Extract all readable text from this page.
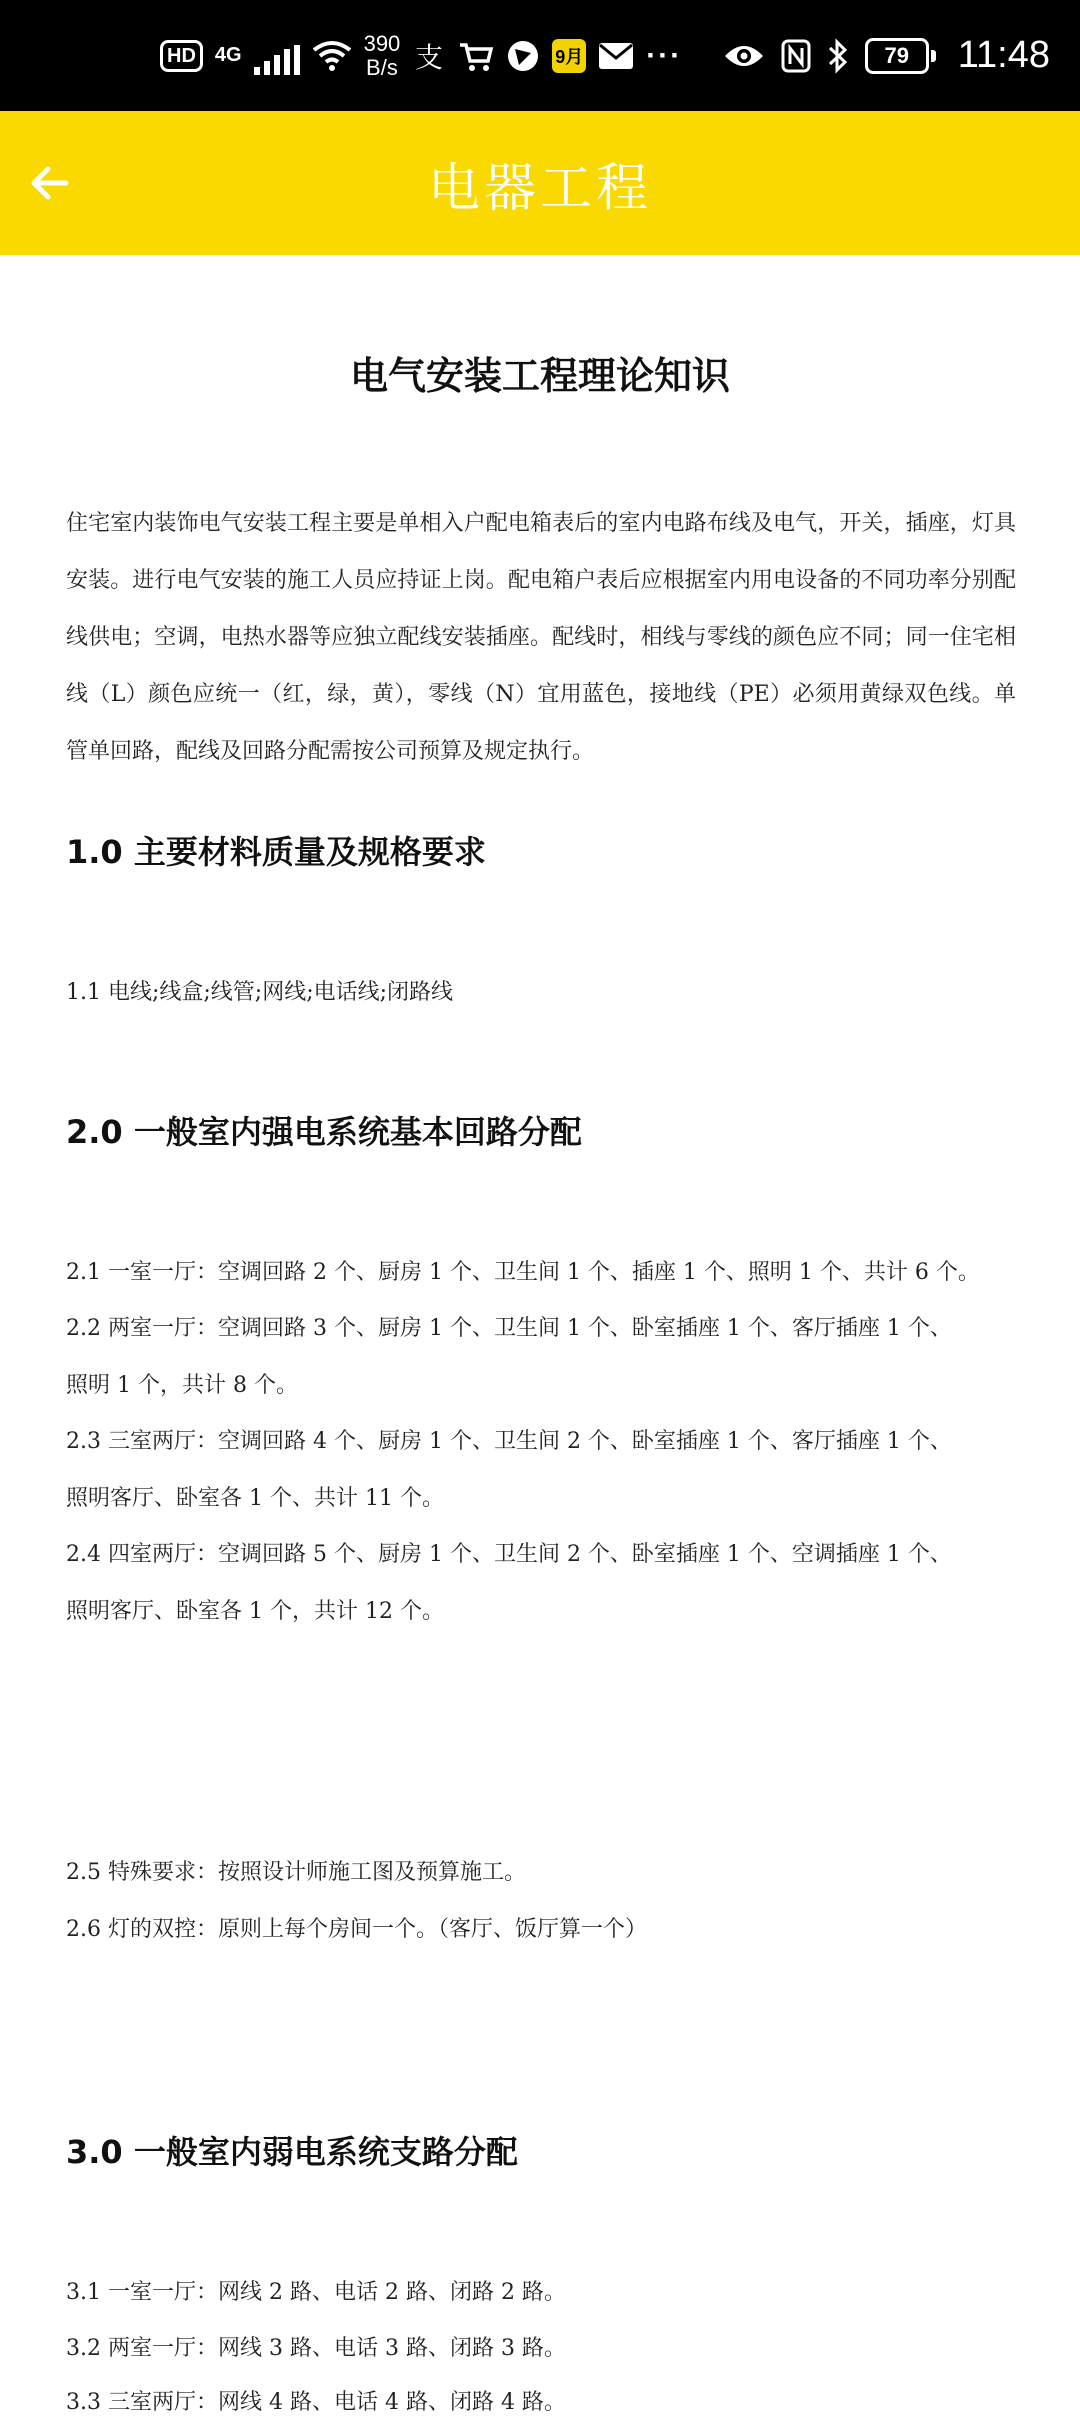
HD 4G	390
B/s 支	9月 ···	79	11:48
电器工程
电气安装工程理论知识

住宅室内装饰电气安装工程主要是单相入户配电箱表后的室内电路布线及电气，开关，插座，灯具安装。进行电气安装的施工人员应持证上岗。配电箱户表后应根据室内用电设备的不同功率分别配线供电；空调，电热水器等应独立配线安装插座。配线时，相线与零线的颜色应不同；同一住宅相线（L）颜色应统一（红，绿，黄），零线（N）宜用蓝色，接地线（PE）必须用黄绿双色线。单管单回路，配线及回路分配需按公司预算及规定执行。

1.0 主要材料质量及规格要求

1.1 电线;线盒;线管;网线;电话线;闭路线

2.0 一般室内强电系统基本回路分配

2.1 一室一厅：空调回路 2 个、厨房 1 个、卫生间 1 个、插座 1 个、照明 1 个、共计 6 个。

2.2 两室一厅：空调回路 3 个、厨房 1 个、卫生间 1 个、卧室插座 1 个、客厅插座 1 个、

照明 1 个，共计 8 个。

2.3 三室两厅：空调回路 4 个、厨房 1 个、卫生间 2 个、卧室插座 1 个、客厅插座 1 个、

照明客厅、卧室各 1 个、共计 11 个。

2.4 四室两厅：空调回路 5 个、厨房 1 个、卫生间 2 个、卧室插座 1 个、空调插座 1 个、

照明客厅、卧室各 1 个，共计 12 个。

2.5 特殊要求：按照设计师施工图及预算施工。

2.6 灯的双控：原则上每个房间一个。（客厅、饭厅算一个）

3.0 一般室内弱电系统支路分配

3.1 一室一厅：网线 2 路、电话 2 路、闭路 2 路。

3.2 两室一厅：网线 3 路、电话 3 路、闭路 3 路。

3.3 三室两厅：网线 4 路、电话 4 路、闭路 4 路。
